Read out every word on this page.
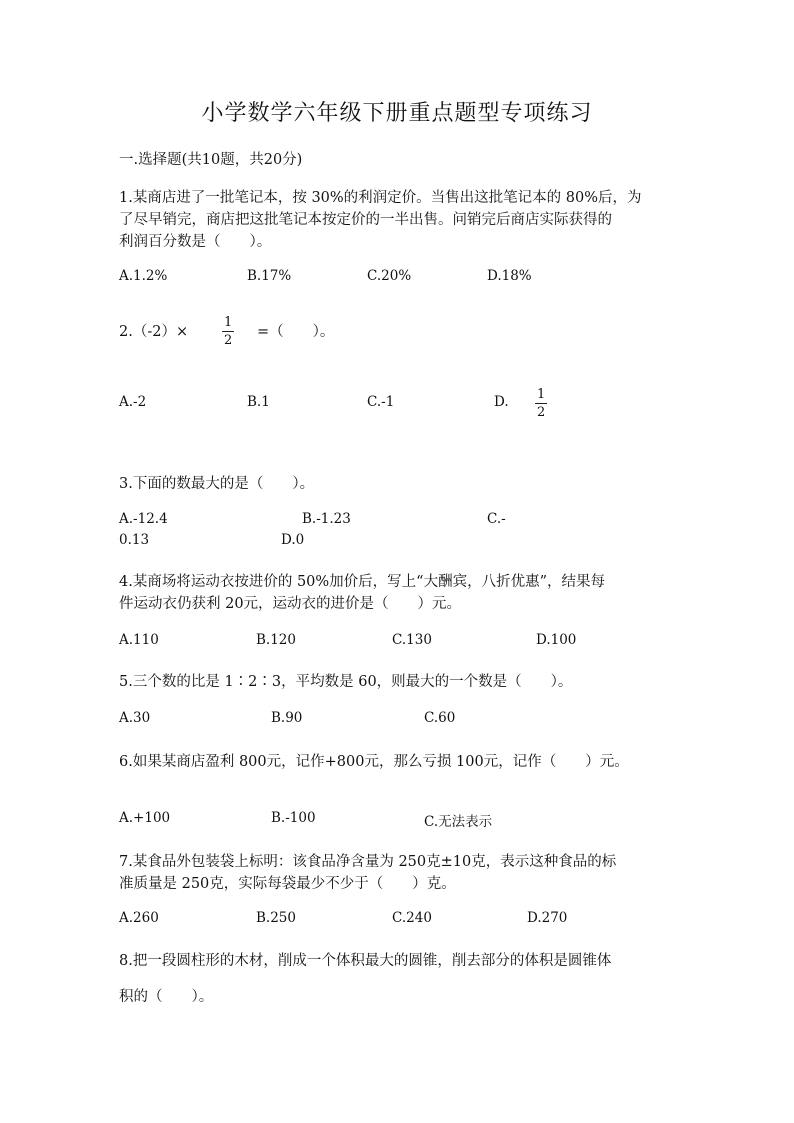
小学数学六年级下册重点题型专项练习
一.选择题(共10题，共20分)
1.某商店进了一批笔记本，按 30%的利润定价。当售出这批笔记本的 80%后，为
了尽早销完，商店把这批笔记本按定价的一半出售。问销完后商店实际获得的
利润百分数是（　　）。
A.1.2%	B.17%	C.20%	D.18%
2.（-2）×
1
2
=（　　）。
A.-2	B.1	C.-1	D. 1
2
3.下面的数最大的是（　　）。
A.-12.4	B.-1.23	C.-
0.13	D.0
4.某商场将运动衣按进价的 50%加价后，写上“大酬宾，八折优惠”，结果每
件运动衣仍获利 20元，运动衣的进价是（　　）元。
A.110	B.120	C.130	D.100
5.三个数的比是 1∶2∶3，平均数是 60，则最大的一个数是（　　）。
A.30	B.90	C.60
6.如果某商店盈利 800元，记作+800元，那么亏损 100元，记作（　　）元。
A.+100	B.-100	C.无法表示
7.某食品外包装袋上标明：该食品净含量为 250克±10克，表示这种食品的标
准质量是 250克，实际每袋最少不少于（　　）克。
A.260	B.250	C.240	D.270
8.把一段圆柱形的木材，削成一个体积最大的圆锥，削去部分的体积是圆锥体
积的（　　）。
